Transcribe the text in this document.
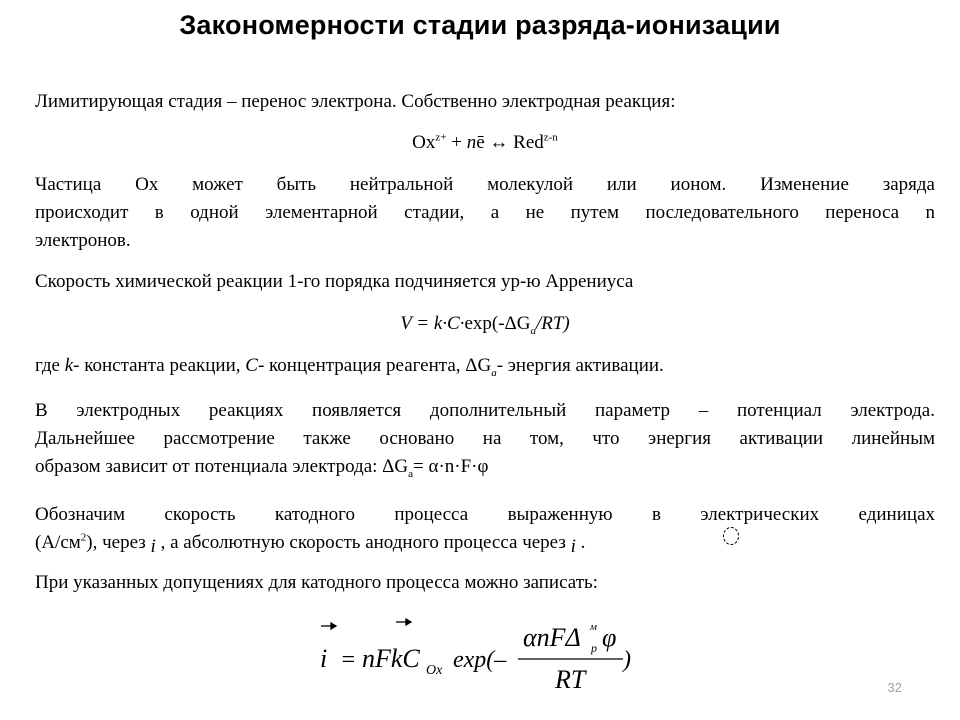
Закономерности стадии разряда-ионизации
Лимитирующая стадия – перенос электрона. Собственно электродная реакция:
$Ox^{z+}$ + nē ↔ Red$^{z-n}$
Частица Ox может быть нейтральной молекулой или ионом. Изменение заряда
происходит в одной элементарной стадии, а не путем последовательного переноса n
электронов.
Скорость химической реакции 1-го порядка подчиняется ур-ю Аррениуса
$V = k\cdot C\cdot\exp(-\Delta G_a/RT)$
где k- константа реакции, C- концентрация реагента, $\Delta G_a-$ энергия активации.
В электродных реакциях появляется дополнительный параметр – потенциал электрода.
Дальнейшее рассмотрение также основано на том, что энергия активации линейным
образом зависит от потенциала электрода: $\Delta G_a= \alpha\cdot n\cdot F\cdot\varphi$
Обозначим скорость катодного процесса выраженную в электрических единицах
$(А/см^2)$, через i , а абсолютную скорость анодного процесса через i .
При указанных допущениях для катодного процесса можно записать:
i = nFkC Ox exp(–
αnFΔ м
р φ
RT
)
32
